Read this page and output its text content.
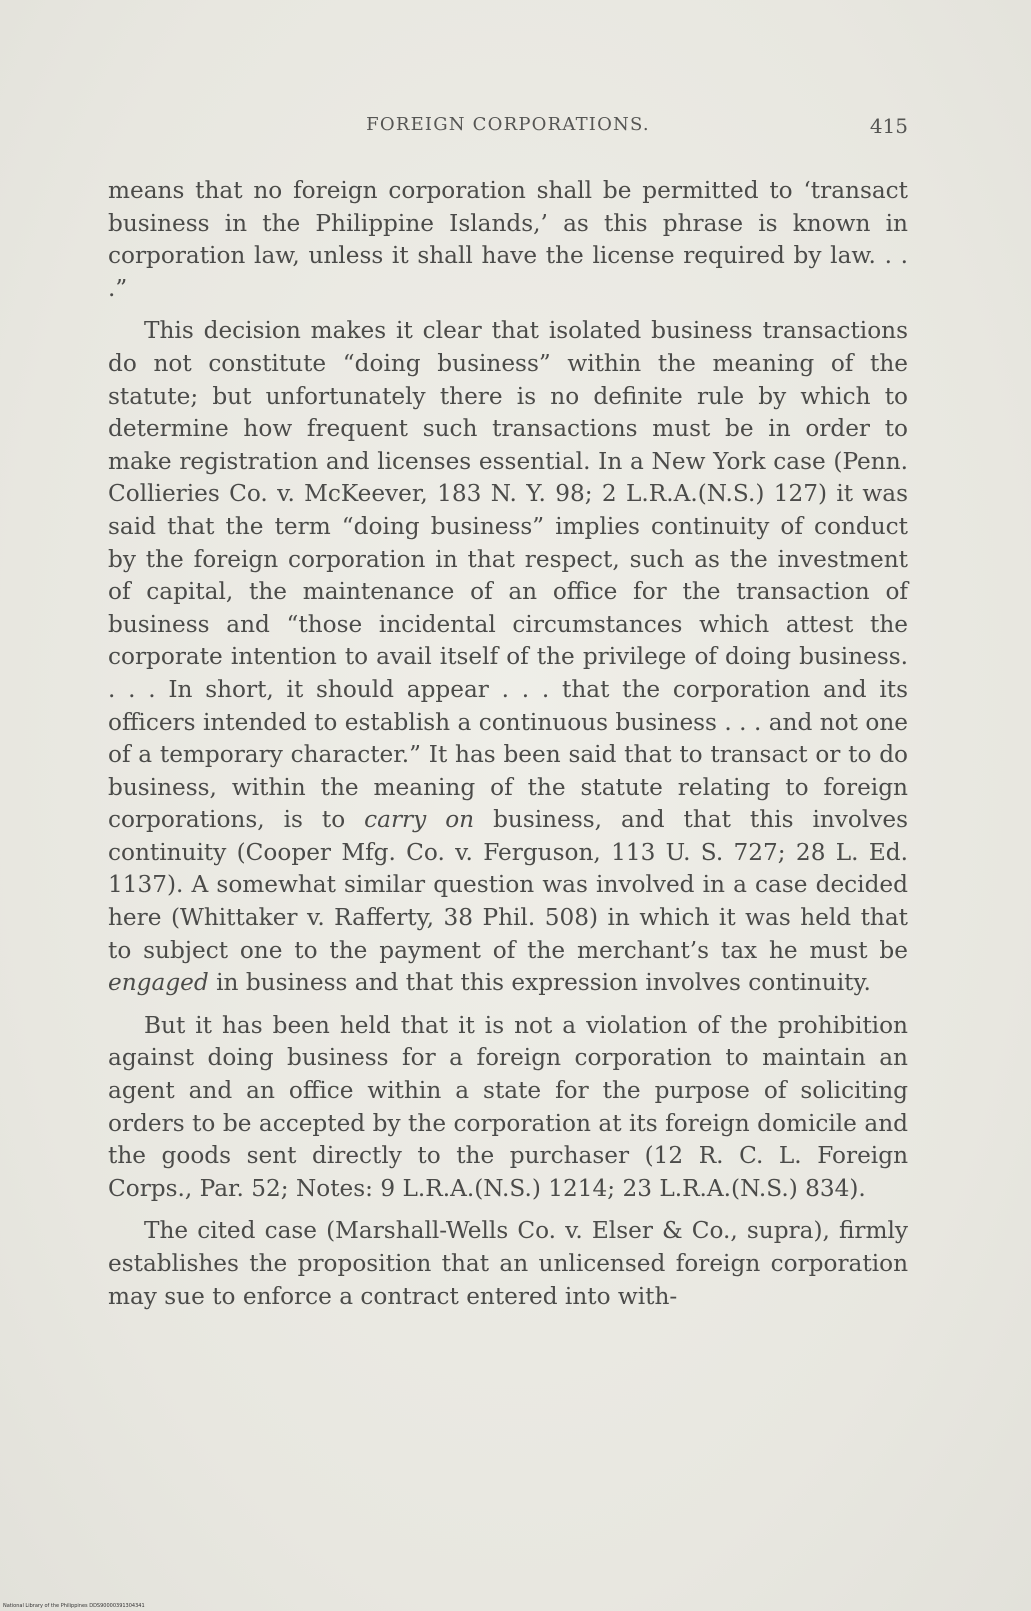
FOREIGN CORPORATIONS.	415

means that no foreign corporation shall be permitted to ‘transact business in the Philippine Islands,’ as this phrase is known in corporation law, unless it shall have the license required by law. . . .”

This decision makes it clear that isolated business transactions do not constitute “doing business” within the meaning of the statute; but unfortunately there is no definite rule by which to determine how frequent such transactions must be in order to make registration and licenses essential. In a New York case (Penn. Collieries Co. v. McKeever, 183 N. Y. 98; 2 L.R.A.(N.S.) 127) it was said that the term “doing business” implies continuity of conduct by the foreign corporation in that respect, such as the investment of capital, the maintenance of an office for the transaction of business and “those incidental circumstances which attest the corporate intention to avail itself of the privilege of doing business. . . . In short, it should appear . . . that the corporation and its officers intended to establish a continuous business . . . and not one of a temporary character.” It has been said that to transact or to do business, within the meaning of the statute relating to foreign corporations, is to carry on business, and that this involves continuity (Cooper Mfg. Co. v. Ferguson, 113 U. S. 727; 28 L. Ed. 1137). A somewhat similar question was involved in a case decided here (Whittaker v. Rafferty, 38 Phil. 508) in which it was held that to subject one to the payment of the merchant’s tax he must be engaged in business and that this expression involves continuity.

But it has been held that it is not a violation of the prohibition against doing business for a foreign corporation to maintain an agent and an office within a state for the purpose of soliciting orders to be accepted by the corporation at its foreign domicile and the goods sent directly to the purchaser (12 R. C. L. Foreign Corps., Par. 52; Notes: 9 L.R.A.(N.S.) 1214; 23 L.R.A.(N.S.) 834).

The cited case (Marshall-Wells Co. v. Elser & Co., supra), firmly establishes the proposition that an unlicensed foreign corporation may sue to enforce a contract entered into with-

National Library of the Philippines DDS90000391304341
